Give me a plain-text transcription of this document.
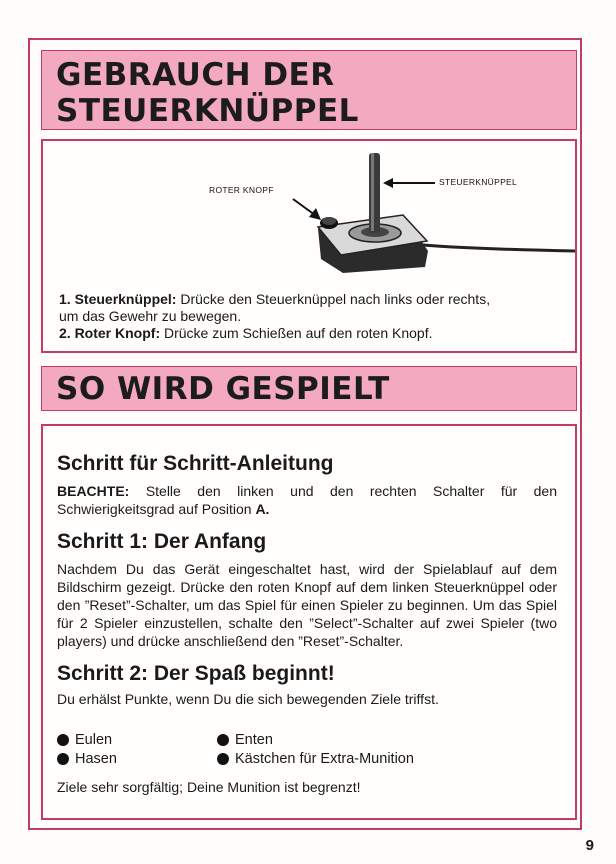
GEBRAUCH DER
STEUERKNÜPPEL
STEUERKNÜPPEL
ROTER KNOPF

1. Steuerknüppel: Drücke den Steuerknüppel nach links oder rechts,

um das Gewehr zu bewegen.

2. Roter Knopf: Drücke zum Schießen auf den roten Knopf.

SO WIRD GESPIELT

Schritt für Schritt-Anleitung

BEACHTE: Stelle den linken und den rechten Schalter für den Schwierigkeitsgrad auf Position A.

Schritt 1: Der Anfang

Nachdem Du das Gerät eingeschaltet hast, wird der Spielablauf auf dem Bildschirm gezeigt. Drücke den roten Knopf auf dem linken Steuerknüppel oder den ”Reset”-Schalter, um das Spiel für einen Spieler zu beginnen. Um das Spiel für 2 Spieler einzustellen, schalte den ”Select”-Schalter auf zwei Spieler (two players) und drücke anschließend den ”Reset”-Schalter.

Schritt 2: Der Spaß beginnt!

Du erhälst Punkte, wenn Du die sich bewegenden Ziele triffst.

Eulen	Enten
Hasen	Kästchen für Extra-Munition

Ziele sehr sorgfältig; Deine Munition ist begrenzt!

9
